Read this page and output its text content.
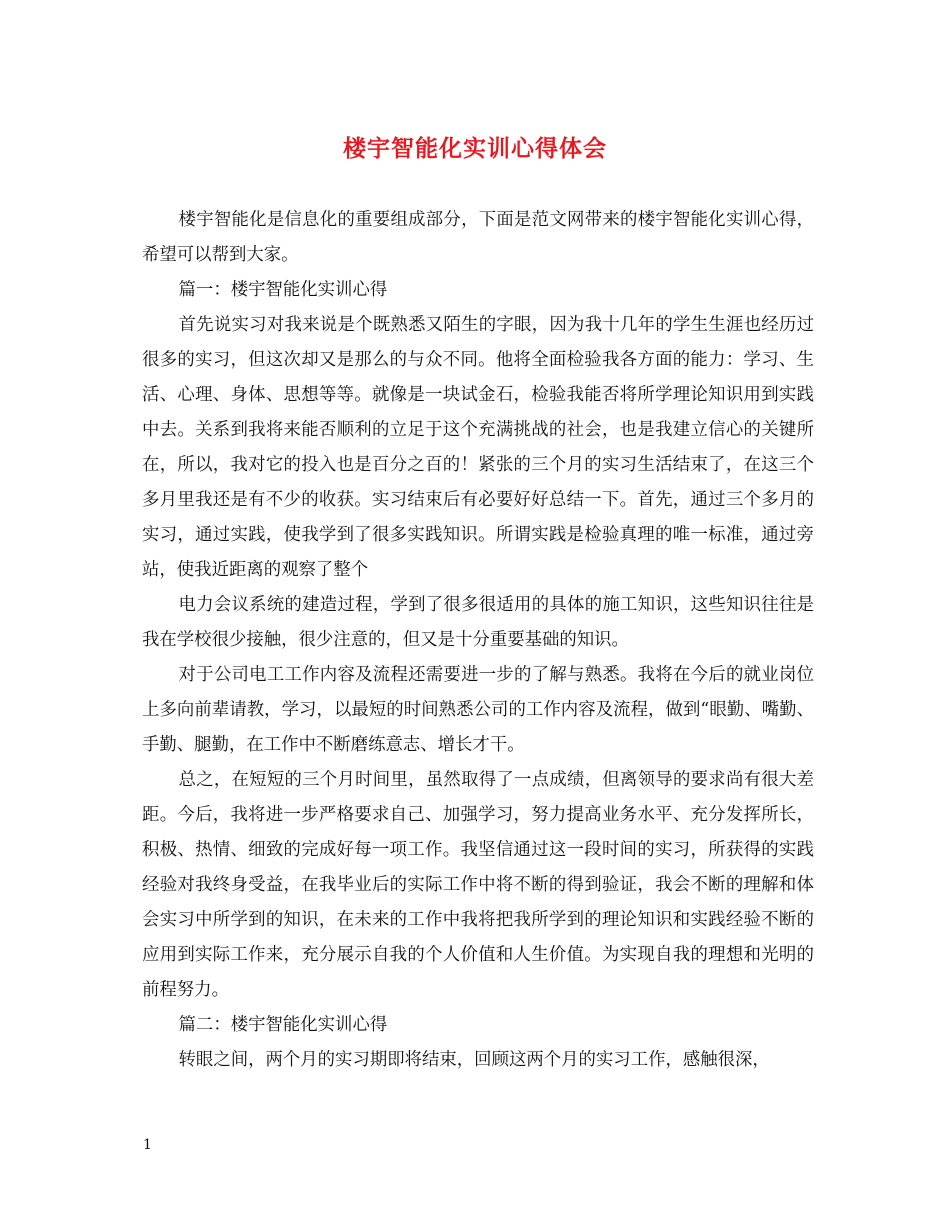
楼宇智能化实训心得体会

楼宇智能化是信息化的重要组成部分，下面是范文网带来的楼宇智能化实训心得，希望可以帮到大家。

篇一：楼宇智能化实训心得

首先说实习对我来说是个既熟悉又陌生的字眼，因为我十几年的学生生涯也经历过很多的实习，但这次却又是那么的与众不同。他将全面检验我各方面的能力：学习、生活、心理、身体、思想等等。就像是一块试金石，检验我能否将所学理论知识用到实践中去。关系到我将来能否顺利的立足于这个充满挑战的社会，也是我建立信心的关键所在，所以，我对它的投入也是百分之百的！紧张的三个月的实习生活结束了，在这三个多月里我还是有不少的收获。实习结束后有必要好好总结一下。首先，通过三个多月的实习，通过实践，使我学到了很多实践知识。所谓实践是检验真理的唯一标准，通过旁站，使我近距离的观察了整个

电力会议系统的建造过程，学到了很多很适用的具体的施工知识，这些知识往往是我在学校很少接触，很少注意的，但又是十分重要基础的知识。

对于公司电工工作内容及流程还需要进一步的了解与熟悉。我将在今后的就业岗位上多向前辈请教，学习，以最短的时间熟悉公司的工作内容及流程，做到“眼勤、嘴勤、手勤、腿勤，在工作中不断磨练意志、增长才干。

总之，在短短的三个月时间里，虽然取得了一点成绩，但离领导的要求尚有很大差距。今后，我将进一步严格要求自己、加强学习，努力提高业务水平、充分发挥所长，积极、热情、细致的完成好每一项工作。我坚信通过这一段时间的实习，所获得的实践经验对我终身受益，在我毕业后的实际工作中将不断的得到验证，我会不断的理解和体会实习中所学到的知识，在未来的工作中我将把我所学到的理论知识和实践经验不断的应用到实际工作来，充分展示自我的个人价值和人生价值。为实现自我的理想和光明的前程努力。

篇二：楼宇智能化实训心得

转眼之间，两个月的实习期即将结束，回顾这两个月的实习工作，感触很深，

1
